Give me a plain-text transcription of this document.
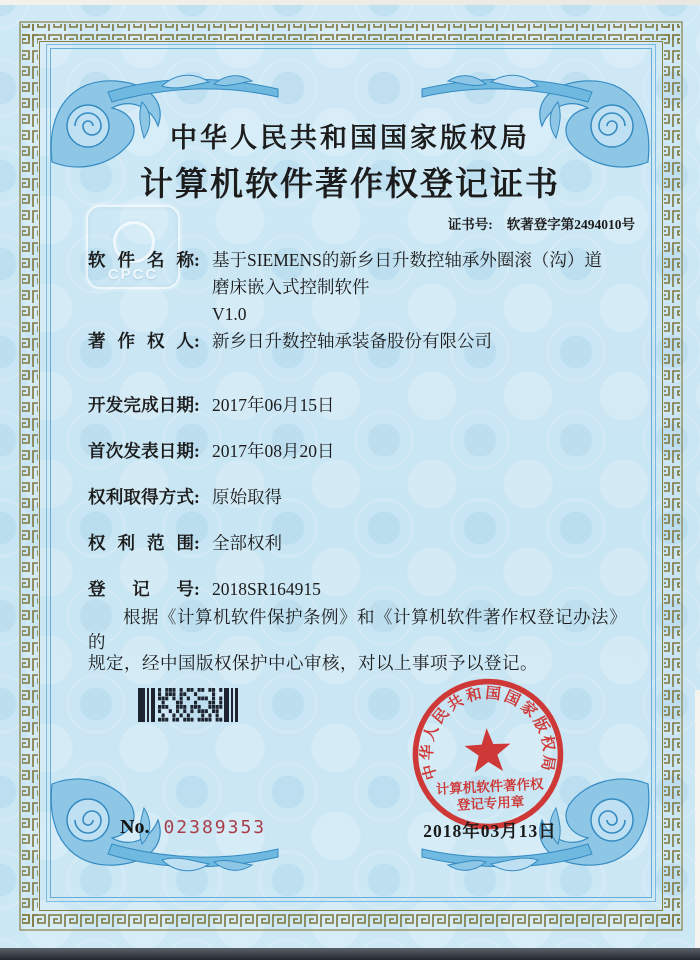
CPCC
中华人民共和国国家版权局
计算机软件著作权登记证书
证书号: 软著登字第2494010号
软件名称: 基于SIEMENS的新乡日升数控轴承外圈滚（沟）道
磨床嵌入式控制软件
V1.0
著作权人: 新乡日升数控轴承装备股份有限公司
开发完成日期: 2017年06月15日
首次发表日期: 2017年08月20日
权利取得方式: 原始取得
权利范围: 全部权利
登记号: 2018SR164915
根据《计算机软件保护条例》和《计算机软件著作权登记办法》的
规定，经中国版权保护中心审核，对以上事项予以登记。
中华人民共和国国家版权局
计算机软件著作权
登记专用章
2018年03月13日
No. 02389353
